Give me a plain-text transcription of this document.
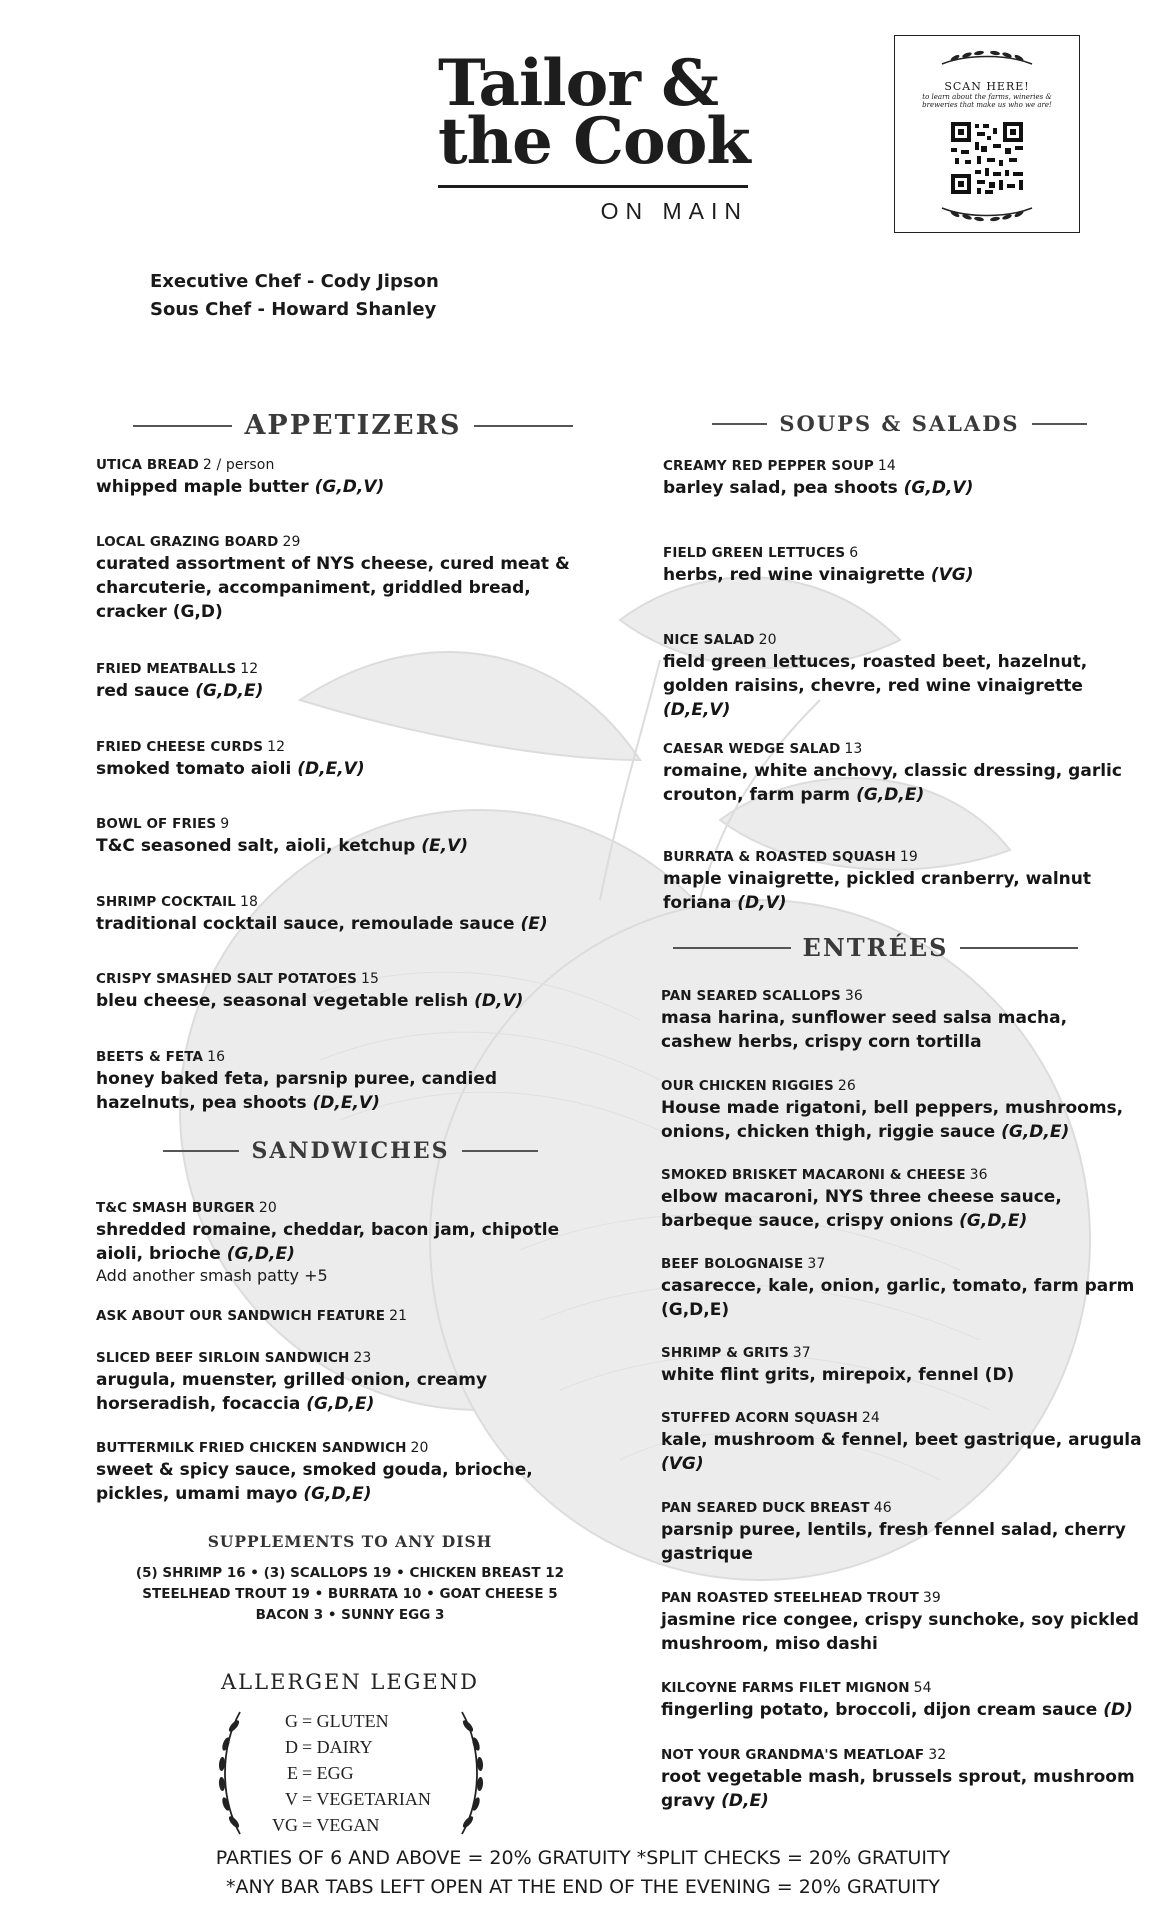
Tailor &
the Cook
ON MAIN
SCAN HERE!
to learn about the farms, wineries & breweries that make us who we are!
Executive Chef - Cody Jipson
Sous Chef - Howard Shanley
APPETIZERS
UTICA BREAD 2 / person
whipped maple butter (G,D,V)
LOCAL GRAZING BOARD 29
curated assortment of NYS cheese, cured meat & charcuterie, accompaniment, griddled bread, cracker (G,D)
FRIED MEATBALLS 12
red sauce (G,D,E)
FRIED CHEESE CURDS 12
smoked tomato aioli (D,E,V)
BOWL OF FRIES 9
T&C seasoned salt, aioli, ketchup (E,V)
SHRIMP COCKTAIL 18
traditional cocktail sauce, remoulade sauce (E)
CRISPY SMASHED SALT POTATOES 15
bleu cheese, seasonal vegetable relish (D,V)
BEETS & FETA 16
honey baked feta, parsnip puree, candied hazelnuts, pea shoots (D,E,V)
SANDWICHES
T&C SMASH BURGER 20
shredded romaine, cheddar, bacon jam, chipotle aioli, brioche (G,D,E)
Add another smash patty +5
ASK ABOUT OUR SANDWICH FEATURE 21
SLICED BEEF SIRLOIN SANDWICH 23
arugula, muenster, grilled onion, creamy horseradish, focaccia (G,D,E)
BUTTERMILK FRIED CHICKEN SANDWICH 20
sweet & spicy sauce, smoked gouda, brioche, pickles, umami mayo (G,D,E)
SUPPLEMENTS TO ANY DISH
(5) SHRIMP 16 • (3) SCALLOPS 19 • CHICKEN BREAST 12
STEELHEAD TROUT 19 • BURRATA 10 • GOAT CHEESE 5
BACON 3 • SUNNY EGG 3
ALLERGEN LEGEND
G = GLUTEN
D = DAIRY
E = EGG
V = VEGETARIAN
VG = VEGAN
SOUPS & SALADS
CREAMY RED PEPPER SOUP 14
barley salad, pea shoots (G,D,V)
FIELD GREEN LETTUCES 6
herbs, red wine vinaigrette (VG)
NICE SALAD 20
field green lettuces, roasted beet, hazelnut, golden raisins, chevre, red wine vinaigrette (D,E,V)
CAESAR WEDGE SALAD 13
romaine, white anchovy, classic dressing, garlic crouton, farm parm (G,D,E)
BURRATA & ROASTED SQUASH 19
maple vinaigrette, pickled cranberry, walnut foriana (D,V)
ENTRÉES
PAN SEARED SCALLOPS 36
masa harina, sunflower seed salsa macha, cashew herbs, crispy corn tortilla
OUR CHICKEN RIGGIES 26
House made rigatoni, bell peppers, mushrooms, onions, chicken thigh, riggie sauce (G,D,E)
SMOKED BRISKET MACARONI & CHEESE 36
elbow macaroni, NYS three cheese sauce, barbeque sauce, crispy onions (G,D,E)
BEEF BOLOGNAISE 37
casarecce, kale, onion, garlic, tomato, farm parm (G,D,E)
SHRIMP & GRITS 37
white flint grits, mirepoix, fennel (D)
STUFFED ACORN SQUASH 24
kale, mushroom & fennel, beet gastrique, arugula (VG)
PAN SEARED DUCK BREAST 46
parsnip puree, lentils, fresh fennel salad, cherry gastrique
PAN ROASTED STEELHEAD TROUT 39
jasmine rice congee, crispy sunchoke, soy pickled mushroom, miso dashi
KILCOYNE FARMS FILET MIGNON 54
fingerling potato, broccoli, dijon cream sauce (D)
NOT YOUR GRANDMA'S MEATLOAF 32
root vegetable mash, brussels sprout, mushroom gravy (D,E)
PARTIES OF 6 AND ABOVE = 20% GRATUITY *SPLIT CHECKS = 20% GRATUITY
*ANY BAR TABS LEFT OPEN AT THE END OF THE EVENING = 20% GRATUITY
